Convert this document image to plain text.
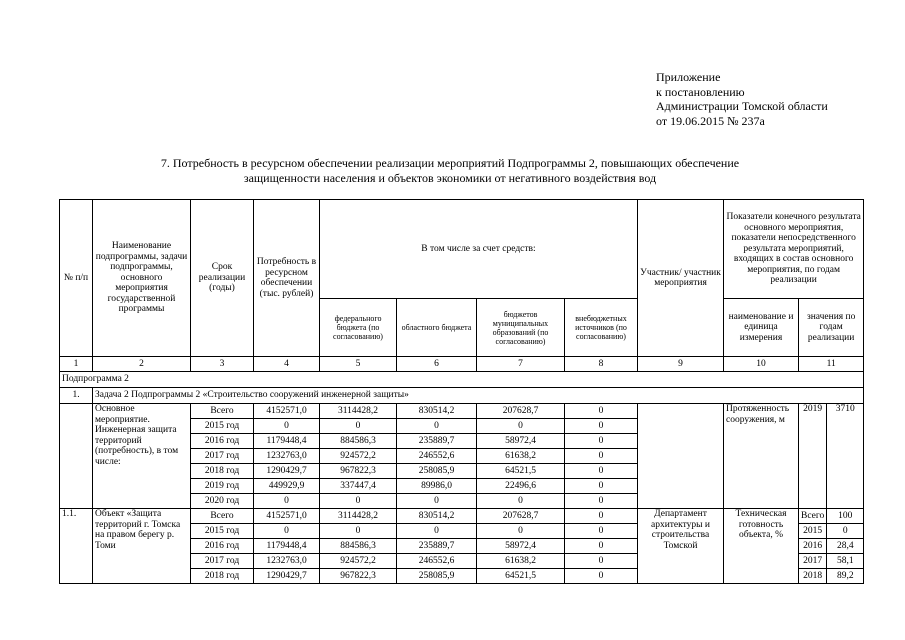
Приложение
к постановлению
Администрации Томской области
от 19.06.2015 № 237а
7. Потребность в ресурсном обеспечении реализации мероприятий Подпрограммы 2, повышающих обеспечение
защищенности населения и объектов экономики от негативного воздействия вод
№ п/п	Наименование подпрограммы, задачи подпрограммы, основного мероприятия государственной программы	Срок реализации (годы)	Потребность в ресурсном обеспечении (тыс. рублей)	В том числе за счет средств:				Участник/ участник мероприятия	Показатели конечного результата основного мероприятия, показатели непосредственного результата мероприятий, входящих в состав основного мероприятия, по годам реализации		
				федерального бюджета (по согласованию)	областного бюджета	бюджетов муниципальных образований (по согласованию)	внебюджетных источников (по согласованию)		наименование и единица измерения	значения по годам реализации	
1	2	3	4	5	6	7	8	9	10	11	
Подпрограмма 2											
1.	Задача 2 Подпрограммы 2 «Строительство сооружений инженерной защиты»										
	Основное мероприятие. Инженерная защита территорий (потребность), в том числе:	Всего	4152571,0	3114428,2	830514,2	207628,7	0		Протяженность сооружения, м	2019	3710
		2015 год	0	0	0	0	0				
		2016 год	1179448,4	884586,3	235889,7	58972,4	0				
		2017 год	1232763,0	924572,2	246552,6	61638,2	0				
		2018 год	1290429,7	967822,3	258085,9	64521,5	0				
		2019 год	449929,9	337447,4	89986,0	22496,6	0				
		2020 год	0	0	0	0	0				
1.1.	Объект «Защита территорий г. Томска на правом берегу р. Томи	Всего	4152571,0	3114428,2	830514,2	207628,7	0	Департамент архитектуры и строительства Томской	Техническая готовность объекта, %	Всего	100
		2015 год	0	0	0	0	0			2015	0
		2016 год	1179448,4	884586,3	235889,7	58972,4	0			2016	28,4
		2017 год	1232763,0	924572,2	246552,6	61638,2	0			2017	58,1
		2018 год	1290429,7	967822,3	258085,9	64521,5	0			2018	89,2
